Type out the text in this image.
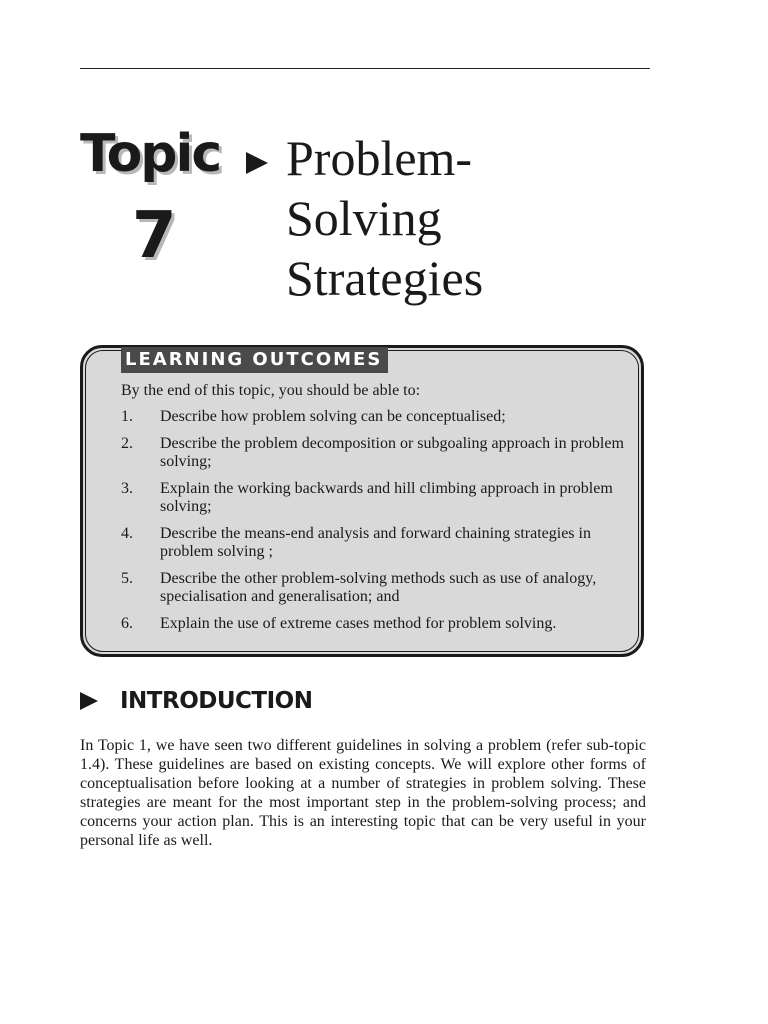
Topic
7
Problem-
Solving
Strategies
LEARNING OUTCOMES
By the end of this topic, you should be able to:
1.	Describe how problem solving can be conceptualised;
2.	Describe the problem decomposition or subgoaling approach in problem solving;
3.	Explain the working backwards and hill climbing approach in problem solving;
4.	Describe the means-end analysis and forward chaining strategies in problem solving ;
5.	Describe the other problem-solving methods such as use of analogy, specialisation and generalisation; and
6.	Explain the use of extreme cases method for problem solving.
INTRODUCTION

In Topic 1, we have seen two different guidelines in solving a problem (refer sub-topic 1.4). These guidelines are based on existing concepts. We will explore other forms of conceptualisation before looking at a number of strategies in problem solving. These strategies are meant for the most important step in the problem-solving process; and concerns your action plan. This is an interesting topic that can be very useful in your personal life as well.
